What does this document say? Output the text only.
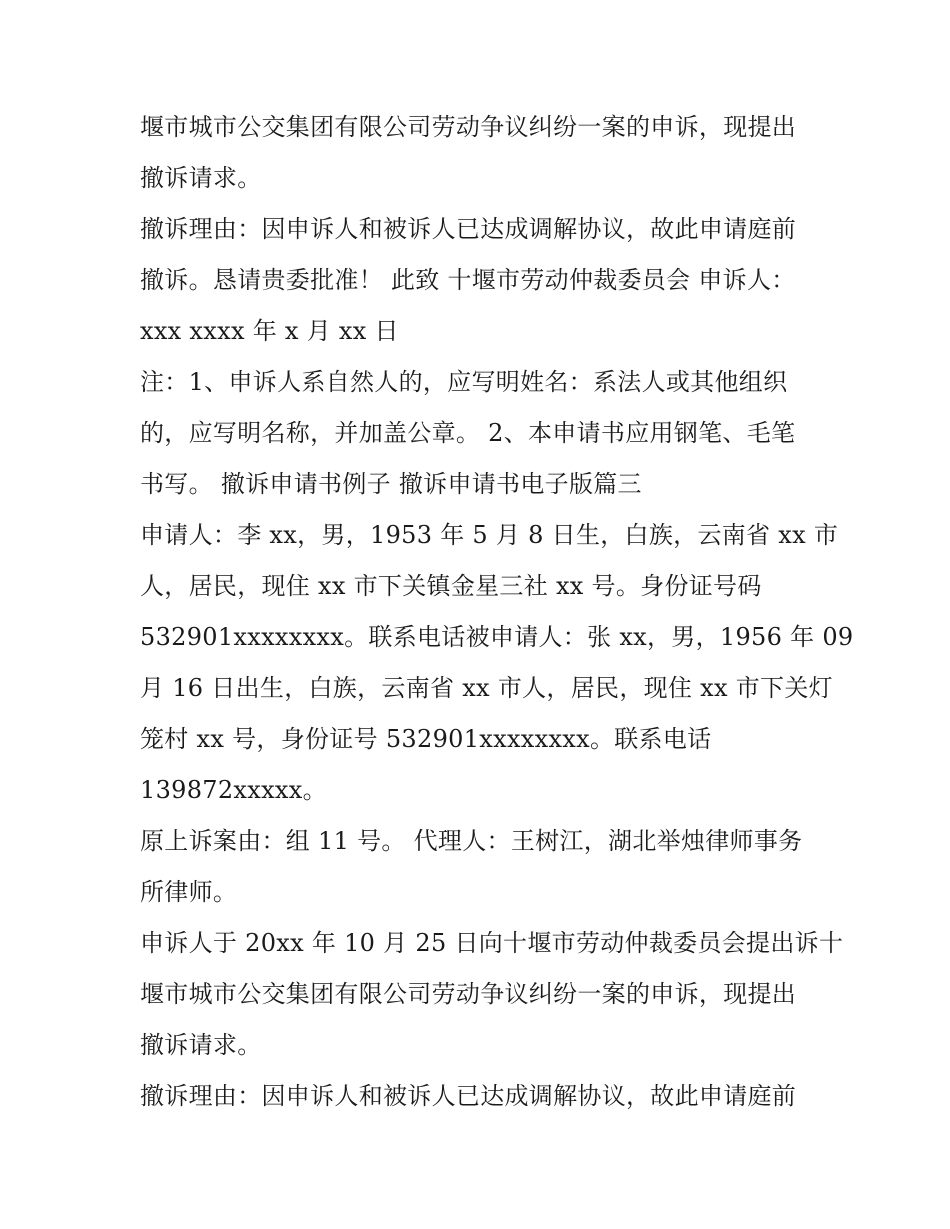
堰市城市公交集团有限公司劳动争议纠纷一案的申诉，现提出
撤诉请求。
撤诉理由：因申诉人和被诉人已达成调解协议，故此申请庭前
撤诉。恳请贵委批准！ 此致 十堰市劳动仲裁委员会 申诉人：
xxx xxxx 年 x 月 xx 日
注：1、申诉人系自然人的，应写明姓名：系法人或其他组织
的，应写明名称，并加盖公章。 2、本申请书应用钢笔、毛笔
书写。 撤诉申请书例子 撤诉申请书电子版篇三
申请人：李 xx，男，1953 年 5 月 8 日生，白族，云南省 xx 市
人，居民，现住 xx 市下关镇金星三社 xx 号。身份证号码
532901xxxxxxxx。联系电话被申请人：张 xx，男，1956 年 09
月 16 日出生，白族，云南省 xx 市人，居民，现住 xx 市下关灯
笼村 xx 号，身份证号 532901xxxxxxxx。联系电话
139872xxxxx。
原上诉案由：组 11 号。 代理人：王树江，湖北举烛律师事务
所律师。
申诉人于 20xx 年 10 月 25 日向十堰市劳动仲裁委员会提出诉十
堰市城市公交集团有限公司劳动争议纠纷一案的申诉，现提出
撤诉请求。
撤诉理由：因申诉人和被诉人已达成调解协议，故此申请庭前
